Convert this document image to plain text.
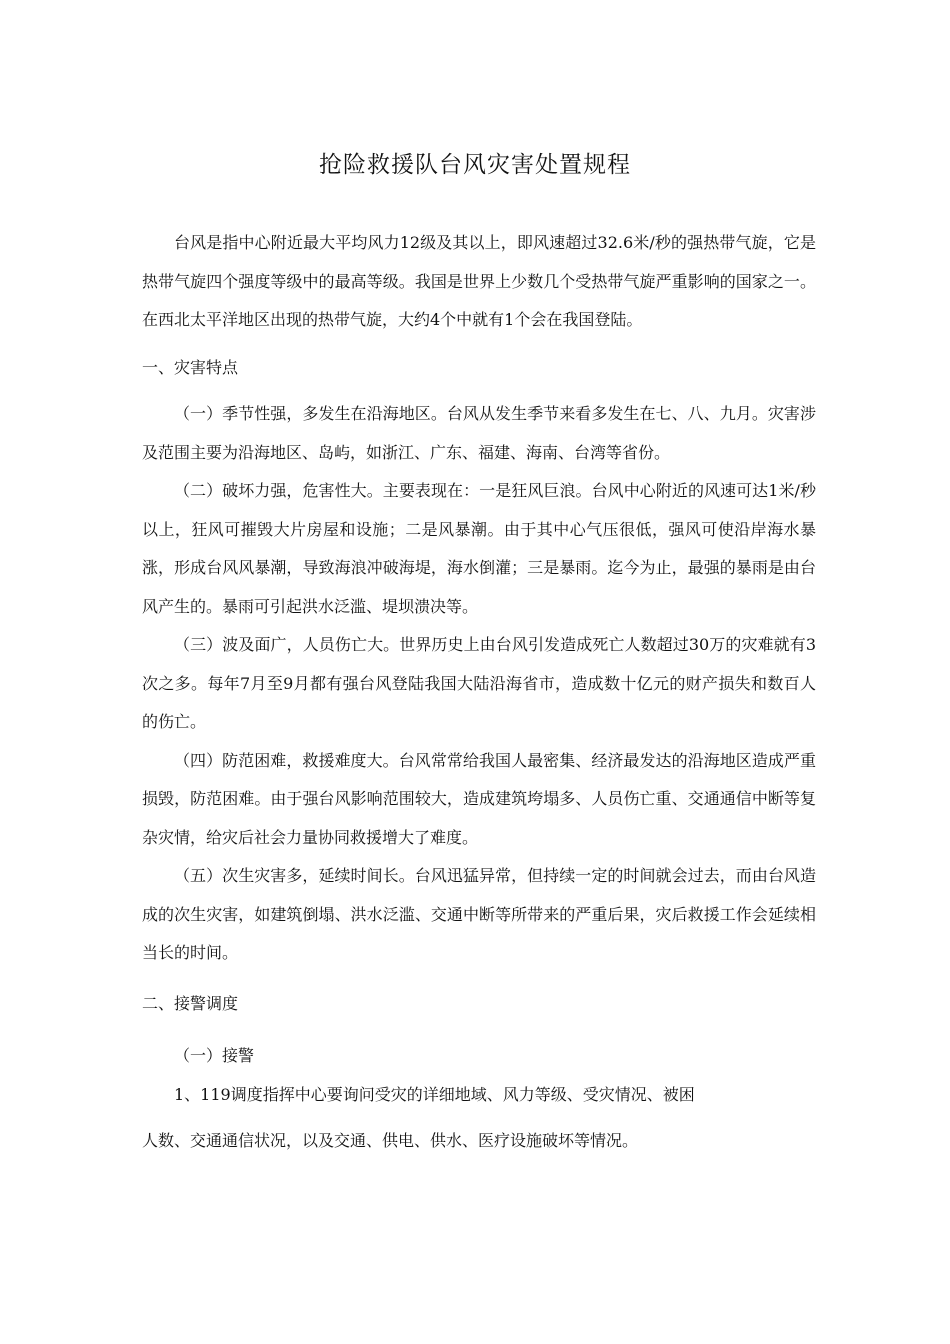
抢险救援队台风灾害处置规程

台风是指中心附近最大平均风力12级及其以上，即风速超过32.6米/秒的强热带气旋，它是热带气旋四个强度等级中的最高等级。我国是世界上少数几个受热带气旋严重影响的国家之一。在西北太平洋地区出现的热带气旋，大约4个中就有1个会在我国登陆。

一、灾害特点

（一）季节性强，多发生在沿海地区。台风从发生季节来看多发生在七、八、九月。灾害涉及范围主要为沿海地区、岛屿，如浙江、广东、福建、海南、台湾等省份。

（二）破坏力强，危害性大。主要表现在：一是狂风巨浪。台风中心附近的风速可达1米/秒以上，狂风可摧毁大片房屋和设施；二是风暴潮。由于其中心气压很低，强风可使沿岸海水暴涨，形成台风风暴潮，导致海浪冲破海堤，海水倒灌；三是暴雨。迄今为止，最强的暴雨是由台风产生的。暴雨可引起洪水泛滥、堤坝溃决等。

（三）波及面广，人员伤亡大。世界历史上由台风引发造成死亡人数超过30万的灾难就有3次之多。每年7月至9月都有强台风登陆我国大陆沿海省市，造成数十亿元的财产损失和数百人的伤亡。

（四）防范困难，救援难度大。台风常常给我国人最密集、经济最发达的沿海地区造成严重损毁，防范困难。由于强台风影响范围较大，造成建筑垮塌多、人员伤亡重、交通通信中断等复杂灾情，给灾后社会力量协同救援增大了难度。

（五）次生灾害多，延续时间长。台风迅猛异常，但持续一定的时间就会过去，而由台风造成的次生灾害，如建筑倒塌、洪水泛滥、交通中断等所带来的严重后果，灾后救援工作会延续相当长的时间。

二、接警调度

（一）接警

1、119调度指挥中心要询问受灾的详细地域、风力等级、受灾情况、被困

人数、交通通信状况，以及交通、供电、供水、医疗设施破坏等情况。
